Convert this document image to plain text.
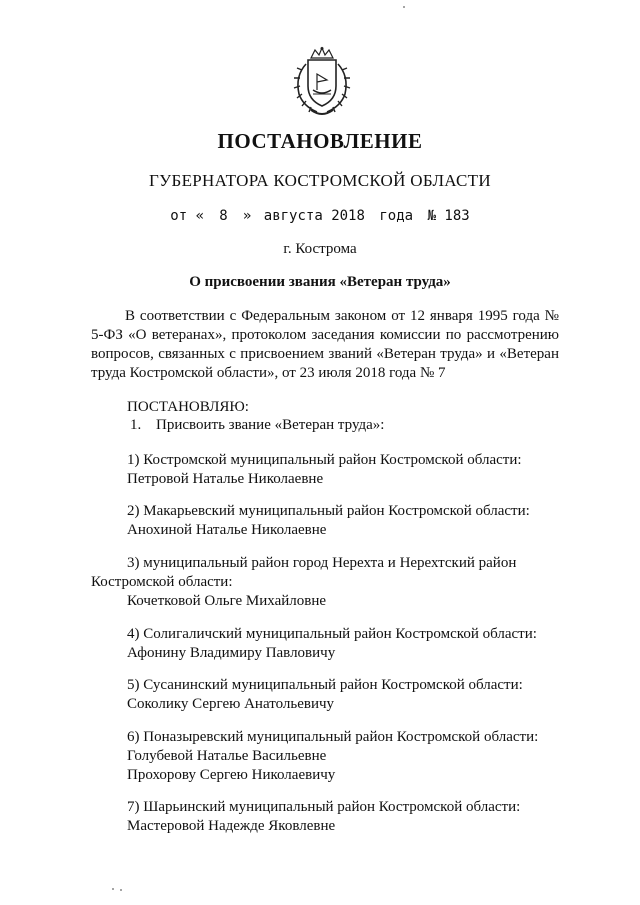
ПОСТАНОВЛЕНИЕ
ГУБЕРНАТОРА КОСТРОМСКОЙ ОБЛАСТИ
от « 8 » августа 2018 года № 183
г. Кострома
О присвоении звания «Ветеран труда»

В соответствии с Федеральным законом от 12 января 1995 года № 5-ФЗ «О ветеранах», протоколом заседания комиссии по рассмотрению вопросов, связанных с присвоением званий «Ветеран труда» и «Ветеран труда Костромской области», от 23 июля 2018 года № 7

ПОСТАНОВЛЯЮ:
1. Присвоить звание «Ветеран труда»:
1) Костромской муниципальный район Костромской области:
Петровой Наталье Николаевне
2) Макарьевский муниципальный район Костромской области:
Анохиной Наталье Николаевне
3) муниципальный район город Нерехта и Нерехтский район
Костромской области:
Кочетковой Ольге Михайловне
4) Солигаличский муниципальный район Костромской области:
Афонину Владимиру Павловичу
5) Сусанинский муниципальный район Костромской области:
Соколику Сергею Анатольевичу
6) Поназыревский муниципальный район Костромской области:
Голубевой Наталье Васильевне
Прохорову Сергею Николаевичу
7) Шарьинский муниципальный район Костромской области:
Мастеровой Надежде Яковлевне
